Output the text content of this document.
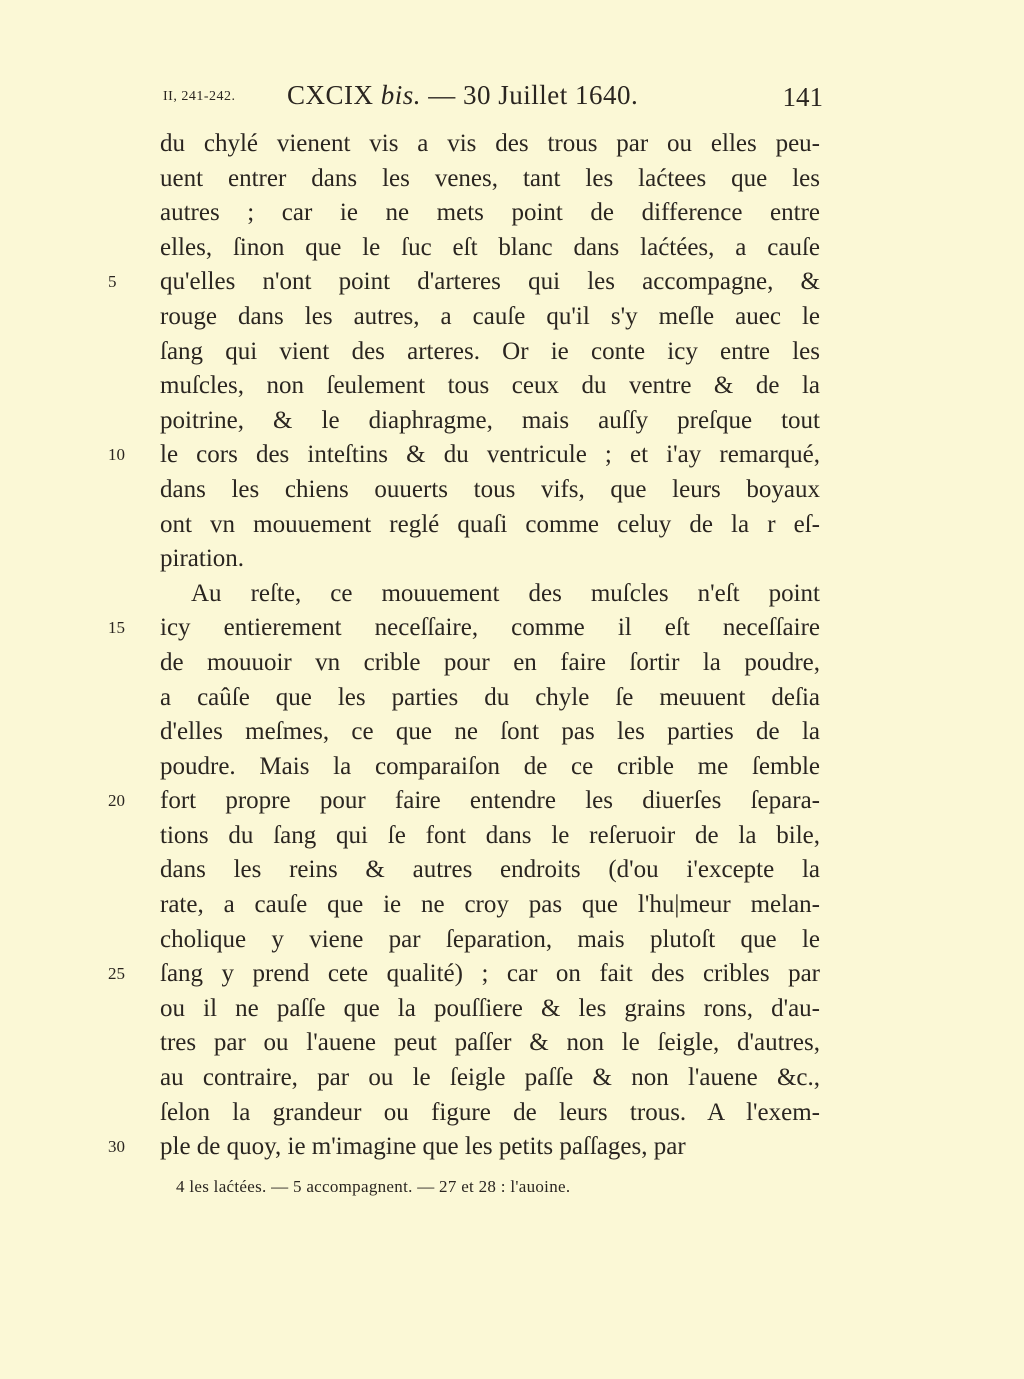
II, 241-242. CXCIX bis. — 30 Juillet 1640.	141
du chylé vienent vis a vis des trous par ou elles peu-
uent entrer dans les venes, tant les laćtees que les
autres ; car ie ne mets point de difference entre
elles, ſinon que le ſuc eſt blanc dans laćtées, a cauſe
5	qu'elles n'ont point d'arteres qui les accompagne, &
rouge dans les autres, a cauſe qu'il s'y meſle auec le
ſang qui vient des arteres. Or ie conte icy entre les
muſcles, non ſeulement tous ceux du ventre & de la
poitrine, & le diaphragme, mais auſſy preſque tout
10	le cors des inteſtins & du ventricule ; et i'ay remarqué,
dans les chiens ouuerts tous vifs, que leurs boyaux
ont vn mouuement reglé quaſi comme celuy de la r eſ-
piration.
Au reſte, ce mouuement des muſcles n'eſt point
15	icy entierement neceſſaire, comme il eſt neceſſaire
de mouuoir vn crible pour en faire ſortir la poudre,
a caûſe que les parties du chyle ſe meuuent deſia
d'elles meſmes, ce que ne ſont pas les parties de la
poudre. Mais la comparaiſon de ce crible me ſemble
20	fort propre pour faire entendre les diuerſes ſepara-
tions du ſang qui ſe font dans le reſeruoir de la bile,
dans les reins & autres endroits (d'ou i'excepte la
rate, a cauſe que ie ne croy pas que l'hu|meur melan-
cholique y viene par ſeparation, mais plutoſt que le
25	ſang y prend cete qualité) ; car on fait des cribles par
ou il ne paſſe que la pouſſiere & les grains rons, d'au-
tres par ou l'auene peut paſſer & non le ſeigle, d'autres,
au contraire, par ou le ſeigle paſſe & non l'auene &c.,
ſelon la grandeur ou figure de leurs trous. A l'exem-
30	ple de quoy, ie m'imagine que les petits paſſages, par
4 les laćtées. — 5 accompagnent. — 27 et 28 : l'auoine.
